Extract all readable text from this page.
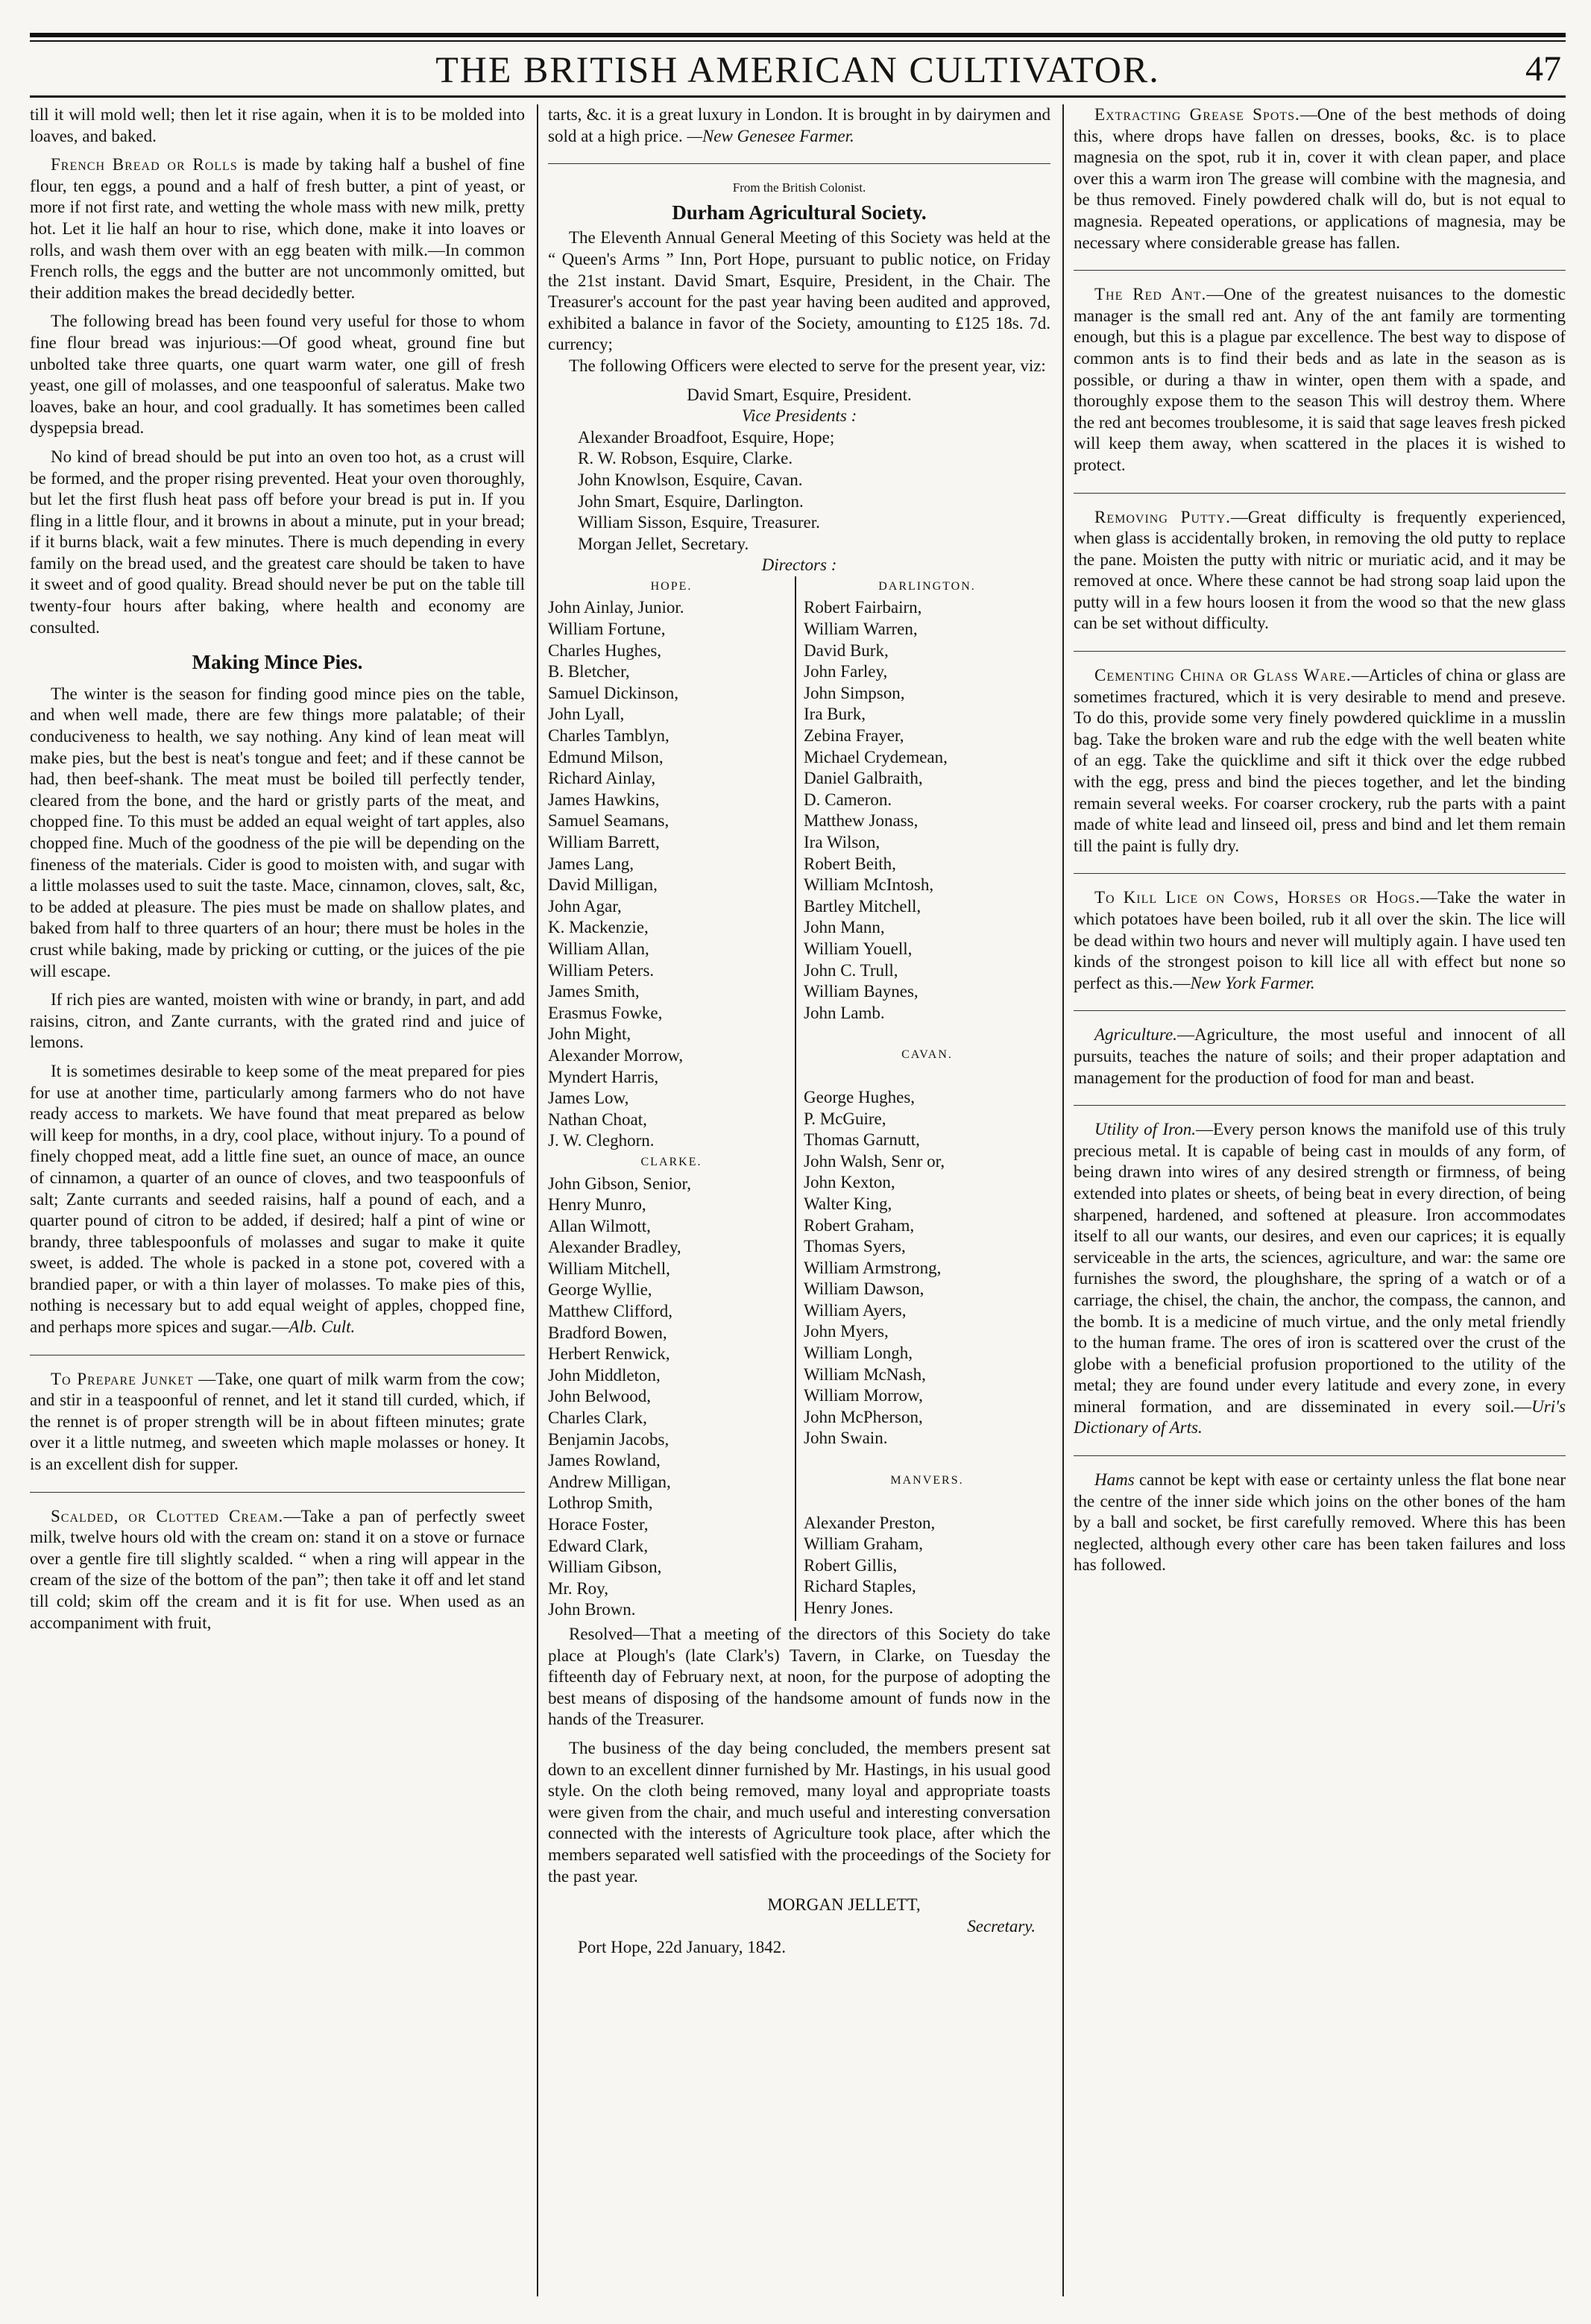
THE BRITISH AMERICAN CULTIVATOR.	47

till it will mold well; then let it rise again, when it is to be molded into loaves, and baked.

French Bread or Rolls is made by taking half a bushel of fine flour, ten eggs, a pound and a half of fresh butter, a pint of yeast, or more if not first rate, and wetting the whole mass with new milk, pretty hot. Let it lie half an hour to rise, which done, make it into loaves or rolls, and wash them over with an egg beaten with milk.—In common French rolls, the eggs and the butter are not uncommonly omitted, but their addition makes the bread decidedly better.

The following bread has been found very useful for those to whom fine flour bread was injurious:—Of good wheat, ground fine but unbolted take three quarts, one quart warm water, one gill of fresh yeast, one gill of molasses, and one teaspoonful of saleratus. Make two loaves, bake an hour, and cool gradually. It has sometimes been called dyspepsia bread.

No kind of bread should be put into an oven too hot, as a crust will be formed, and the proper rising prevented. Heat your oven thoroughly, but let the first flush heat pass off before your bread is put in. If you fling in a little flour, and it browns in about a minute, put in your bread; if it burns black, wait a few minutes. There is much depending in every family on the bread used, and the greatest care should be taken to have it sweet and of good quality. Bread should never be put on the table till twenty-four hours after baking, where health and economy are consulted.

Making Mince Pies.

The winter is the season for finding good mince pies on the table, and when well made, there are few things more palatable; of their conduciveness to health, we say nothing. Any kind of lean meat will make pies, but the best is neat's tongue and feet; and if these cannot be had, then beef-shank. The meat must be boiled till perfectly tender, cleared from the bone, and the hard or gristly parts of the meat, and chopped fine. To this must be added an equal weight of tart apples, also chopped fine. Much of the goodness of the pie will be depending on the fineness of the materials. Cider is good to moisten with, and sugar with a little molasses used to suit the taste. Mace, cinnamon, cloves, salt, &c, to be added at pleasure. The pies must be made on shallow plates, and baked from half to three quarters of an hour; there must be holes in the crust while baking, made by pricking or cutting, or the juices of the pie will escape.

If rich pies are wanted, moisten with wine or brandy, in part, and add raisins, citron, and Zante currants, with the grated rind and juice of lemons.

It is sometimes desirable to keep some of the meat prepared for pies for use at another time, particularly among farmers who do not have ready access to markets. We have found that meat prepared as below will keep for months, in a dry, cool place, without injury. To a pound of finely chopped meat, add a little fine suet, an ounce of mace, an ounce of cinnamon, a quarter of an ounce of cloves, and two teaspoonfuls of salt; Zante currants and seeded raisins, half a pound of each, and a quarter pound of citron to be added, if desired; half a pint of wine or brandy, three tablespoonfuls of molasses and sugar to make it quite sweet, is added. The whole is packed in a stone pot, covered with a brandied paper, or with a thin layer of molasses. To make pies of this, nothing is necessary but to add equal weight of apples, chopped fine, and perhaps more spices and sugar.—Alb. Cult.

To Prepare Junket —Take, one quart of milk warm from the cow; and stir in a teaspoonful of rennet, and let it stand till curded, which, if the rennet is of proper strength will be in about fifteen minutes; grate over it a little nutmeg, and sweeten which maple molasses or honey. It is an excellent dish for supper.

Scalded, or Clotted Cream.—Take a pan of perfectly sweet milk, twelve hours old with the cream on: stand it on a stove or furnace over a gentle fire till slightly scalded. “ when a ring will appear in the cream of the size of the bottom of the pan”; then take it off and let stand till cold; skim off the cream and it is fit for use. When used as an accompaniment with fruit,

tarts, &c. it is a great luxury in London. It is brought in by dairymen and sold at a high price. —New Genesee Farmer.

From the British Colonist.
Durham Agricultural Society.

The Eleventh Annual General Meeting of this Society was held at the “ Queen's Arms ” Inn, Port Hope, pursuant to public notice, on Friday the 21st instant. David Smart, Esquire, President, in the Chair. The Treasurer's account for the past year having been audited and approved, exhibited a balance in favor of the Society, amounting to £125 18s. 7d. currency;

The following Officers were elected to serve for the present year, viz:

David Smart, Esquire, President.
Vice Presidents :
Alexander Broadfoot, Esquire, Hope;
R. W. Robson, Esquire, Clarke.
John Knowlson, Esquire, Cavan.
John Smart, Esquire, Darlington.
William Sisson, Esquire, Treasurer.
Morgan Jellet, Secretary.
Directors :
HOPE.
John Ainlay, Junior.
William Fortune,
Charles Hughes,
B. Bletcher,
Samuel Dickinson,
John Lyall,
Charles Tamblyn,
Edmund Milson,
Richard Ainlay,
James Hawkins,
Samuel Seamans,
William Barrett,
James Lang,
David Milligan,
John Agar,
K. Mackenzie,
William Allan,
William Peters.
James Smith,
Erasmus Fowke,
John Might,
Alexander Morrow,
Myndert Harris,
James Low,
Nathan Choat,
J. W. Cleghorn.
CLARKE.
John Gibson, Senior,
Henry Munro,
Allan Wilmott,
Alexander Bradley,
William Mitchell,
George Wyllie,
Matthew Clifford,
Bradford Bowen,
Herbert Renwick,
John Middleton,
John Belwood,
Charles Clark,
Benjamin Jacobs,
James Rowland,
Andrew Milligan,
Lothrop Smith,
Horace Foster,
Edward Clark,
William Gibson,
Mr. Roy,
John Brown.
DARLINGTON.
Robert Fairbairn,
William Warren,
David Burk,
John Farley,
John Simpson,
Ira Burk,
Zebina Frayer,
Michael Crydemean,
Daniel Galbraith,
D. Cameron.
Matthew Jonass,
Ira Wilson,
Robert Beith,
William McIntosh,
Bartley Mitchell,
John Mann,
William Youell,
John C. Trull,
William Baynes,
John Lamb.
CAVAN.
George Hughes,
P. McGuire,
Thomas Garnutt,
John Walsh, Senr or,
John Kexton,
Walter King,
Robert Graham,
Thomas Syers,
William Armstrong,
William Dawson,
William Ayers,
John Myers,
William Longh,
William McNash,
William Morrow,
John McPherson,
John Swain.
MANVERS.
Alexander Preston,
William Graham,
Robert Gillis,
Richard Staples,
Henry Jones.

Resolved—That a meeting of the directors of this Society do take place at Plough's (late Clark's) Tavern, in Clarke, on Tuesday the fifteenth day of February next, at noon, for the purpose of adopting the best means of disposing of the handsome amount of funds now in the hands of the Treasurer.

The business of the day being concluded, the members present sat down to an excellent dinner furnished by Mr. Hastings, in his usual good style. On the cloth being removed, many loyal and appropriate toasts were given from the chair, and much useful and interesting conversation connected with the interests of Agriculture took place, after which the members separated well satisfied with the proceedings of the Society for the past year.

MORGAN JELLETT,
Secretary.
Port Hope, 22d January, 1842.

Extracting Grease Spots.—One of the best methods of doing this, where drops have fallen on dresses, books, &c. is to place magnesia on the spot, rub it in, cover it with clean paper, and place over this a warm iron The grease will combine with the magnesia, and be thus removed. Finely powdered chalk will do, but is not equal to magnesia. Repeated operations, or applications of magnesia, may be necessary where considerable grease has fallen.

The Red Ant.—One of the greatest nuisances to the domestic manager is the small red ant. Any of the ant family are tormenting enough, but this is a plague par excellence. The best way to dispose of common ants is to find their beds and as late in the season as is possible, or during a thaw in winter, open them with a spade, and thoroughly expose them to the season This will destroy them. Where the red ant becomes troublesome, it is said that sage leaves fresh picked will keep them away, when scattered in the places it is wished to protect.

Removing Putty.—Great difficulty is frequently experienced, when glass is accidentally broken, in removing the old putty to replace the pane. Moisten the putty with nitric or muriatic acid, and it may be removed at once. Where these cannot be had strong soap laid upon the putty will in a few hours loosen it from the wood so that the new glass can be set without difficulty.

Cementing China or Glass Ware.—Articles of china or glass are sometimes fractured, which it is very desirable to mend and preseve. To do this, provide some very finely powdered quicklime in a musslin bag. Take the broken ware and rub the edge with the well beaten white of an egg. Take the quicklime and sift it thick over the edge rubbed with the egg, press and bind the pieces together, and let the binding remain several weeks. For coarser crockery, rub the parts with a paint made of white lead and linseed oil, press and bind and let them remain till the paint is fully dry.

To Kill Lice on Cows, Horses or Hogs.—Take the water in which potatoes have been boiled, rub it all over the skin. The lice will be dead within two hours and never will multiply again. I have used ten kinds of the strongest poison to kill lice all with effect but none so perfect as this.—New York Farmer.

Agriculture.—Agriculture, the most useful and innocent of all pursuits, teaches the nature of soils; and their proper adaptation and management for the production of food for man and beast.

Utility of Iron.—Every person knows the manifold use of this truly precious metal. It is capable of being cast in moulds of any form, of being drawn into wires of any desired strength or firmness, of being extended into plates or sheets, of being beat in every direction, of being sharpened, hardened, and softened at pleasure. Iron accommodates itself to all our wants, our desires, and even our caprices; it is equally serviceable in the arts, the sciences, agriculture, and war: the same ore furnishes the sword, the ploughshare, the spring of a watch or of a carriage, the chisel, the chain, the anchor, the compass, the cannon, and the bomb. It is a medicine of much virtue, and the only metal friendly to the human frame. The ores of iron is scattered over the crust of the globe with a beneficial profusion proportioned to the utility of the metal; they are found under every latitude and every zone, in every mineral formation, and are disseminated in every soil.—Uri's Dictionary of Arts.

Hams cannot be kept with ease or certainty unless the flat bone near the centre of the inner side which joins on the other bones of the ham by a ball and socket, be first carefully removed. Where this has been neglected, although every other care has been taken failures and loss has followed.
